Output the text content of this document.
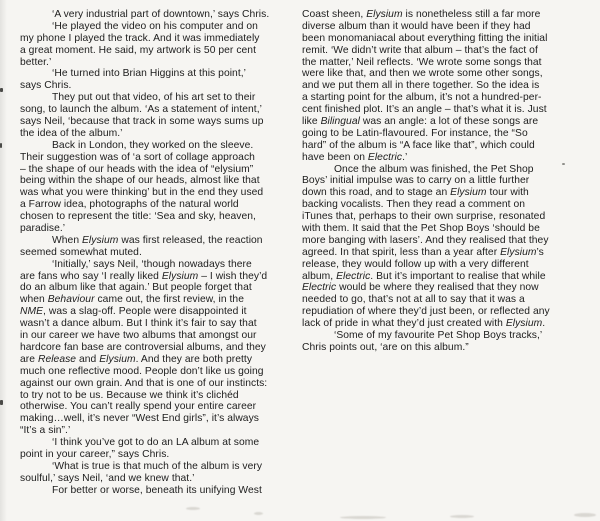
‘A very industrial part of downtown,’ says Chris.
‘He played the video on his computer and on
my phone I played the track. And it was immediately
a great moment. He said, my artwork is 50 per cent
better.’
‘He turned into Brian Higgins at this point,’
says Chris.
They put out that video, of his art set to their
song, to launch the album. ‘As a statement of intent,’
says Neil, ‘because that track in some ways sums up
the idea of the album.’
Back in London, they worked on the sleeve.
Their suggestion was of ‘a sort of collage approach
– the shape of our heads with the idea of “elysium”
being within the shape of our heads, almost like that
was what you were thinking’ but in the end they used
a Farrow idea, photographs of the natural world
chosen to represent the title: ‘Sea and sky, heaven,
paradise.’
When Elysium was first released, the reaction
seemed somewhat muted.
‘Initially,’ says Neil, ‘though nowadays there
are fans who say ‘I really liked Elysium – I wish they’d
do an album like that again.’ But people forget that
when Behaviour came out, the first review, in the
NME, was a slag-off. People were disappointed it
wasn’t a dance album. But I think it’s fair to say that
in our career we have two albums that amongst our
hardcore fan base are controversial albums, and they
are Release and Elysium. And they are both pretty
much one reflective mood. People don’t like us going
against our own grain. And that is one of our instincts:
to try not to be us. Because we think it’s clichéd
otherwise. You can’t really spend your entire career
making…well, it’s never “West End girls”, it’s always
“It’s a sin”.’
‘I think you’ve got to do an LA album at some
point in your career,” says Chris.
‘What is true is that much of the album is very
soulful,’ says Neil, ‘and we knew that.’
For better or worse, beneath its unifying West
Coast sheen, Elysium is nonetheless still a far more
diverse album than it would have been if they had
been monomaniacal about everything fitting the initial
remit. ‘We didn’t write that album – that’s the fact of
the matter,’ Neil reflects. ‘We wrote some songs that
were like that, and then we wrote some other songs,
and we put them all in there together. So the idea is
a starting point for the album, it’s not a hundred-per-
cent finished plot. It’s an angle – that’s what it is. Just
like Bilingual was an angle: a lot of these songs are
going to be Latin-flavoured. For instance, the “So
hard” of the album is “A face like that”, which could
have been on Electric.’
Once the album was finished, the Pet Shop
Boys’ initial impulse was to carry on a little further
down this road, and to stage an Elysium tour with
backing vocalists. Then they read a comment on
iTunes that, perhaps to their own surprise, resonated
with them. It said that the Pet Shop Boys ‘should be
more banging with lasers’. And they realised that they
agreed. In that spirit, less than a year after Elysium’s
release, they would follow up with a very different
album, Electric. But it’s important to realise that while
Electric would be where they realised that they now
needed to go, that’s not at all to say that it was a
repudiation of where they’d just been, or reflected any
lack of pride in what they’d just created with Elysium.
‘Some of my favourite Pet Shop Boys tracks,’
Chris points out, ‘are on this album.”
